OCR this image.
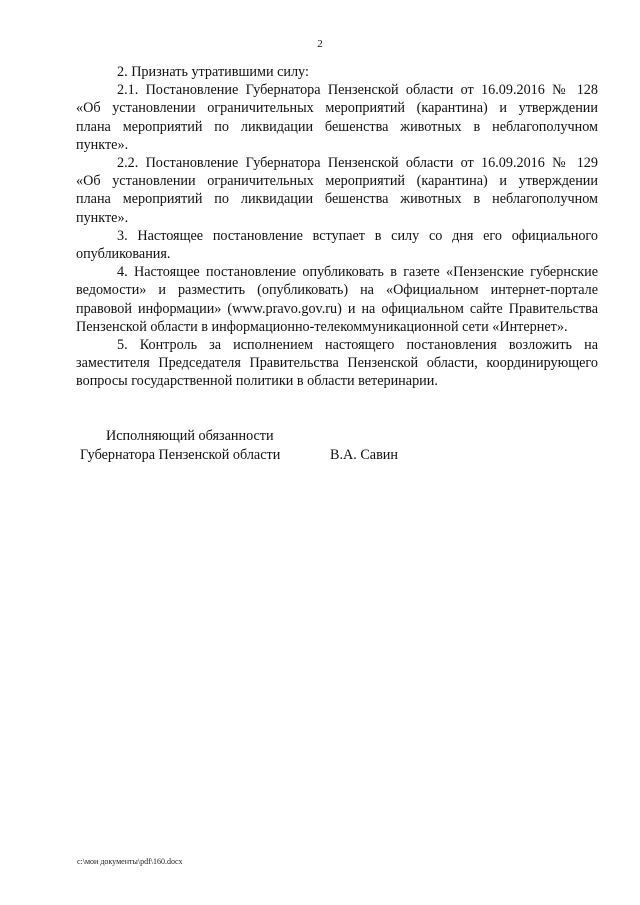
2
2. Признать утратившими силу:
2.1. Постановление Губернатора Пензенской области от 16.09.2016 № 128
«Об установлении ограничительных мероприятий (карантина) и утверждении
плана мероприятий по ликвидации бешенства животных в неблагополучном
пункте».
2.2. Постановление Губернатора Пензенской области от 16.09.2016 № 129
«Об установлении ограничительных мероприятий (карантина) и утверждении
плана мероприятий по ликвидации бешенства животных в неблагополучном
пункте».
3. Настоящее постановление вступает в силу со дня его официального
опубликования.
4. Настоящее постановление опубликовать в газете «Пензенские губернские
ведомости» и разместить (опубликовать) на «Официальном интернет-портале
правовой информации» (www.pravo.gov.ru) и на официальном сайте Правительства
Пензенской области в информационно-телекоммуникационной сети «Интернет».
5. Контроль за исполнением настоящего постановления возложить на
заместителя Председателя Правительства Пензенской области, координирующего
вопросы государственной политики в области ветеринарии.
Исполняющий обязанности
Губернатора Пензенской области	В.А. Савин
c:\мои документы\pdf\160.docx
